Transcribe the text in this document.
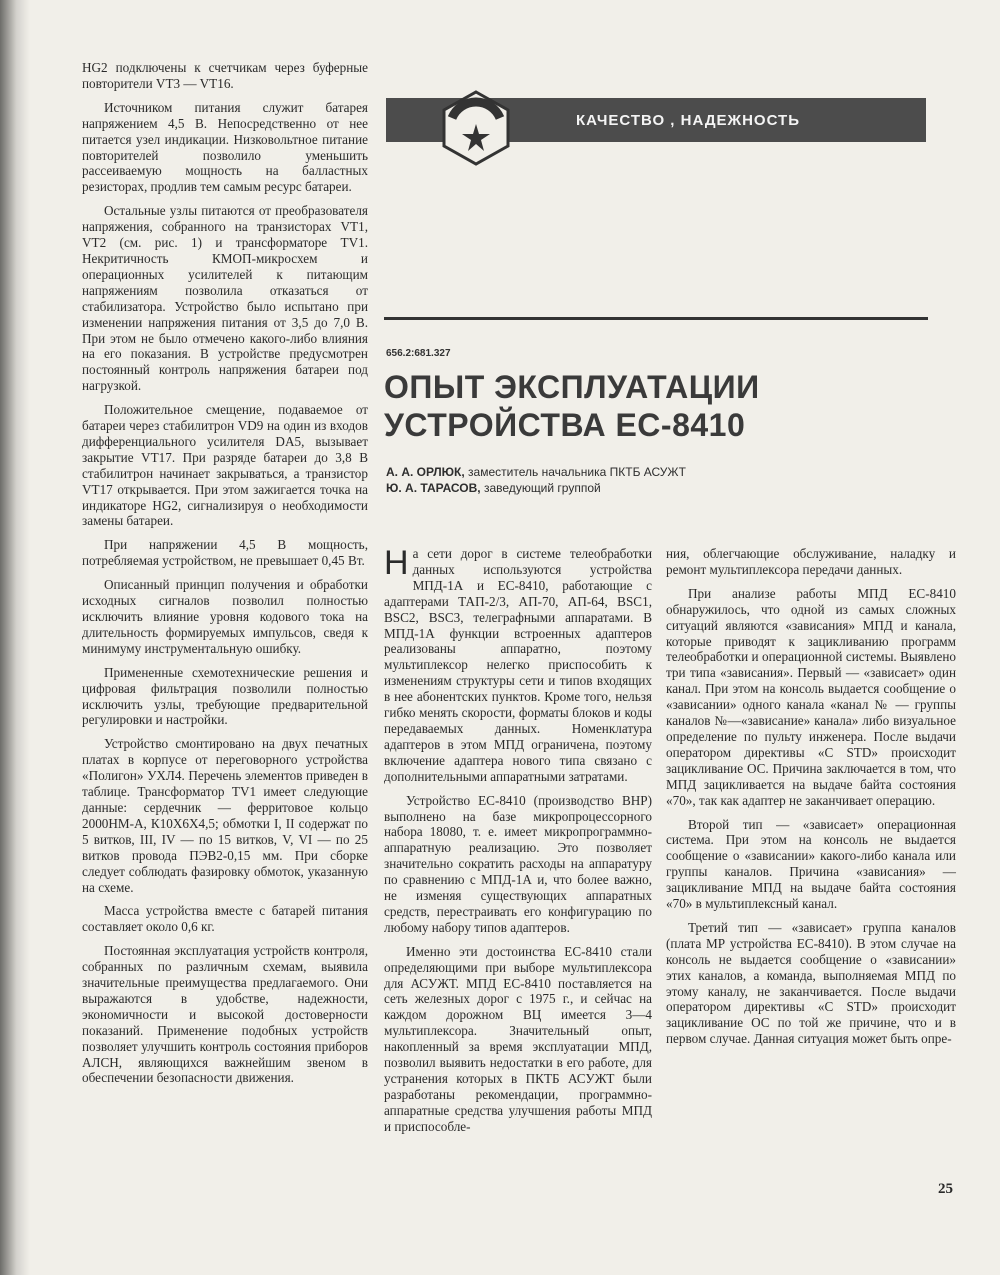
HG2 подключены к счетчикам через буферные повторители VT3 — VT16.

Источником питания служит батарея напряжением 4,5 В. Непосредственно от нее питается узел индикации. Низковольтное питание повторителей позволило уменьшить рассеиваемую мощность на балластных резисторах, продлив тем самым ресурс батареи.

Остальные узлы питаются от преобразователя напряжения, собранного на транзисторах VT1, VT2 (см. рис. 1) и трансформаторе TV1. Некритичность КМОП-микросхем и операционных усилителей к питающим напряжениям позволила отказаться от стабилизатора. Устройство было испытано при изменении напряжения питания от 3,5 до 7,0 В. При этом не было отмечено какого-либо влияния на его показания. В устройстве предусмотрен постоянный контроль напряжения батареи под нагрузкой.

Положительное смещение, подаваемое от батареи через стабилитрон VD9 на один из входов дифференциального усилителя DA5, вызывает закрытие VT17. При разряде батареи до 3,8 В стабилитрон начинает закрываться, а транзистор VT17 открывается. При этом зажигается точка на индикаторе HG2, сигнализируя о необходимости замены батареи.

При напряжении 4,5 В мощность, потребляемая устройством, не превышает 0,45 Вт.

Описанный принцип получения и обработки исходных сигналов позволил полностью исключить влияние уровня кодового тока на длительность формируемых импульсов, сведя к минимуму инструментальную ошибку.

Примененные схемотехнические решения и цифровая фильтрация позволили полностью исключить узлы, требующие предварительной регулировки и настройки.

Устройство смонтировано на двух печатных платах в корпусе от переговорного устройства «Полигон» УХЛ4. Перечень элементов приведен в таблице. Трансформатор TV1 имеет следующие данные: сердечник — ферритовое кольцо 2000НМ-А, К10Х6Х4,5; обмотки I, II содержат по 5 витков, III, IV — по 15 витков, V, VI — по 25 витков провода ПЭВ2-0,15 мм. При сборке следует соблюдать фазировку обмоток, указанную на схеме.

Масса устройства вместе с батарей питания составляет около 0,6 кг.

Постоянная эксплуатация устройств контроля, собранных по различным схемам, выявила значительные преимущества предлагаемого. Они выражаются в удобстве, надежности, экономичности и высокой достоверности показаний. Применение подобных устройств позволяет улучшить контроль состояния приборов АЛСН, являющихся важнейшим звеном в обеспечении безопасности движения.

СССР	КАЧЕСТВО , НАДЕЖНОСТЬ
656.2:681.327
ОПЫТ ЭКСПЛУАТАЦИИ
УСТРОЙСТВА ЕС-8410
А. А. ОРЛЮК, заместитель начальника ПКТБ АСУЖТ
Ю. А. ТАРАСОВ, заведующий группой

На сети дорог в системе телеобработки данных используются устройства МПД-1А и ЕС-8410, работающие с адаптерами ТАП-2/3, АП-70, АП-64, BSC1, BSC2, BSC3, телеграфными аппаратами. В МПД-1А функции встроенных адаптеров реализованы аппаратно, поэтому мультиплексор нелегко приспособить к изменениям структуры сети и типов входящих в нее абонентских пунктов. Кроме того, нельзя гибко менять скорости, форматы блоков и коды передаваемых данных. Номенклатура адаптеров в этом МПД ограничена, поэтому включение адаптера нового типа связано с дополнительными аппаратными затратами.

Устройство ЕС-8410 (производство ВНР) выполнено на базе микропроцессорного набора 18080, т. е. имеет микропрограммно-аппаратную реализацию. Это позволяет значительно сократить расходы на аппаратуру по сравнению с МПД-1А и, что более важно, не изменяя существующих аппаратных средств, перестраивать его конфигурацию по любому набору типов адаптеров.

Именно эти достоинства ЕС-8410 стали определяющими при выборе мультиплексора для АСУЖТ. МПД ЕС-8410 поставляется на сеть железных дорог с 1975 г., и сейчас на каждом дорожном ВЦ имеется 3—4 мультиплексора. Значительный опыт, накопленный за время эксплуатации МПД, позволил выявить недостатки в его работе, для устранения которых в ПКТБ АСУЖТ были разработаны рекомендации, программно-аппаратные средства улучшения работы МПД и приспособле-

ния, облегчающие обслуживание, наладку и ремонт мультиплексора передачи данных.

При анализе работы МПД ЕС-8410 обнаружилось, что одной из самых сложных ситуаций являются «зависания» МПД и канала, которые приводят к зацикливанию программ телеобработки и операционной системы. Выявлено три типа «зависания». Первый — «зависает» один канал. При этом на консоль выдается сообщение о «зависании» одного канала «канал № — группы каналов №—«зависание» канала» либо визуальное определение по пульту инженера. После выдачи оператором директивы «С STD» происходит зацикливание ОС. Причина заключается в том, что МПД зацикливается на выдаче байта состояния «70», так как адаптер не заканчивает операцию.

Второй тип — «зависает» операционная система. При этом на консоль не выдается сообщение о «зависании» какого-либо канала или группы каналов. Причина «зависания» — зацикливание МПД на выдаче байта состояния «70» в мультиплексный канал.

Третий тип — «зависает» группа каналов (плата МР устройства ЕС-8410). В этом случае на консоль не выдается сообщение о «зависании» этих каналов, а команда, выполняемая МПД по этому каналу, не заканчивается. После выдачи оператором директивы «С STD» происходит зацикливание ОС по той же причине, что и в первом случае. Данная ситуация может быть опре-

25
